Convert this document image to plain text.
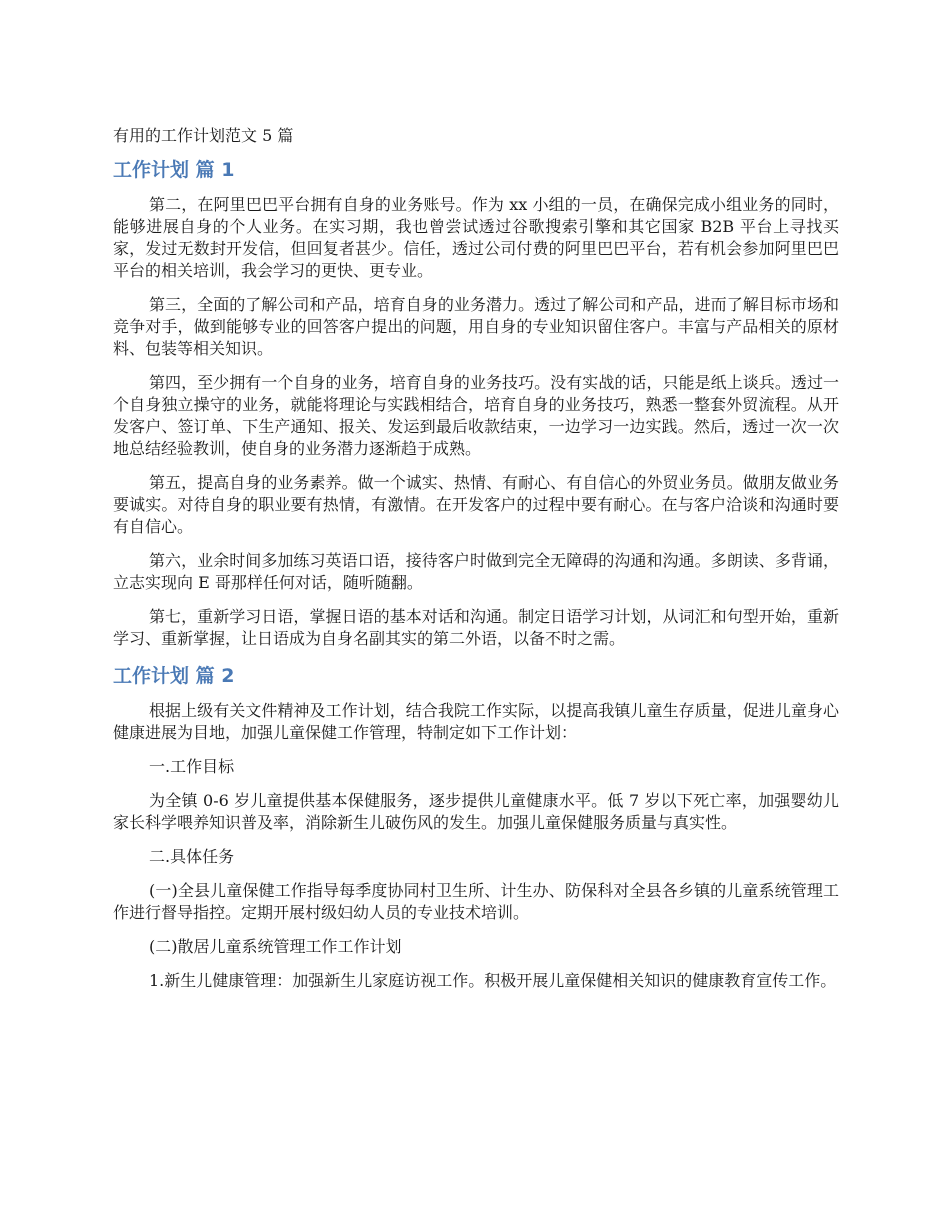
有用的工作计划范文 5 篇
工作计划 篇 1

第二，在阿里巴巴平台拥有自身的业务账号。作为 xx 小组的一员，在确保完成小组业务的同时，能够进展自身的个人业务。在实习期，我也曾尝试透过谷歌搜索引擎和其它国家 B2B 平台上寻找买家，发过无数封开发信，但回复者甚少。信任，透过公司付费的阿里巴巴平台，若有机会参加阿里巴巴平台的相关培训，我会学习的更快、更专业。

第三，全面的了解公司和产品，培育自身的业务潜力。透过了解公司和产品，进而了解目标市场和竞争对手，做到能够专业的回答客户提出的问题，用自身的专业知识留住客户。丰富与产品相关的原材料、包装等相关知识。

第四，至少拥有一个自身的业务，培育自身的业务技巧。没有实战的话，只能是纸上谈兵。透过一个自身独立操守的业务，就能将理论与实践相结合，培育自身的业务技巧，熟悉一整套外贸流程。从开发客户、签订单、下生产通知、报关、发运到最后收款结束，一边学习一边实践。然后，透过一次一次地总结经验教训，使自身的业务潜力逐渐趋于成熟。

第五，提高自身的业务素养。做一个诚实、热情、有耐心、有自信心的外贸业务员。做朋友做业务要诚实。对待自身的职业要有热情，有激情。在开发客户的过程中要有耐心。在与客户洽谈和沟通时要有自信心。

第六，业余时间多加练习英语口语，接待客户时做到完全无障碍的沟通和沟通。多朗读、多背诵，立志实现向 E 哥那样任何对话，随听随翻。

第七，重新学习日语，掌握日语的基本对话和沟通。制定日语学习计划，从词汇和句型开始，重新学习、重新掌握，让日语成为自身名副其实的第二外语，以备不时之需。

工作计划 篇 2

根据上级有关文件精神及工作计划，结合我院工作实际，以提高我镇儿童生存质量，促进儿童身心健康进展为目地，加强儿童保健工作管理，特制定如下工作计划：

一.工作目标

为全镇 0-6 岁儿童提供基本保健服务，逐步提供儿童健康水平。低 7 岁以下死亡率，加强婴幼儿家长科学喂养知识普及率，消除新生儿破伤风的发生。加强儿童保健服务质量与真实性。

二.具体任务

(一)全县儿童保健工作指导每季度协同村卫生所、计生办、防保科对全县各乡镇的儿童系统管理工作进行督导指控。定期开展村级妇幼人员的专业技术培训。

(二)散居儿童系统管理工作工作计划

1.新生儿健康管理：加强新生儿家庭访视工作。积极开展儿童保健相关知识的健康教育宣传工作。
